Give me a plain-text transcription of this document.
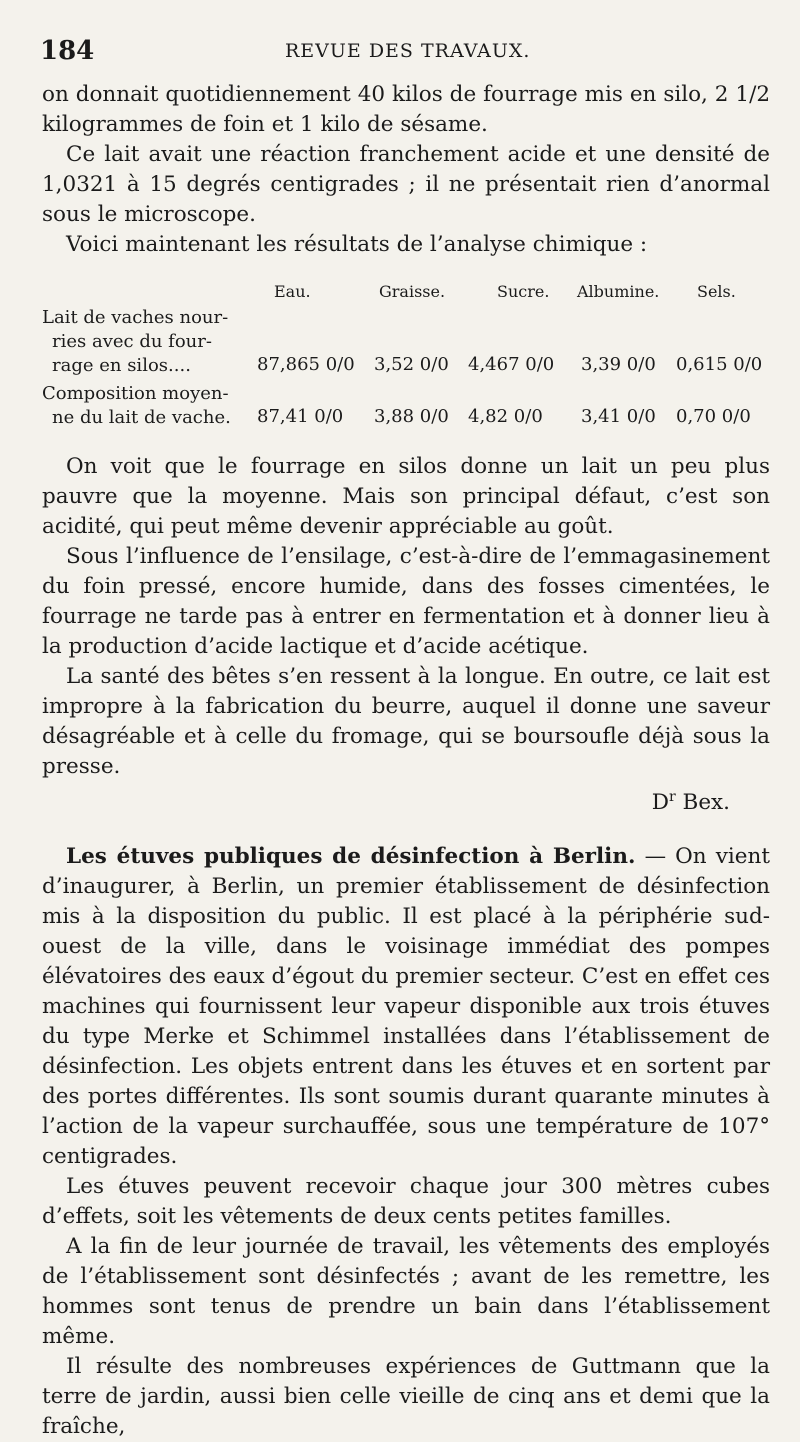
184	REVUE DES TRAVAUX.

on donnait quotidiennement 40 kilos de fourrage mis en silo, 2 1/2 kilogrammes de foin et 1 kilo de sésame.

Ce lait avait une réaction franchement acide et une densité de 1,0321 à 15 degrés centigrades ; il ne présentait rien d’anormal sous le microscope.

Voici maintenant les résultats de l’analyse chimique :

Eau.	Graisse.	Sucre. Albumine. Sels.
Lait de vaches nour-
ries avec du four-
rage en silos....	87,865 0/0 3,52 0/0 4,467 0/0 3,39 0/0 0,615 0/0
Composition moyen-
ne du lait de vache. 87,41 0/0 3,88 0/0 4,82 0/0 3,41 0/0 0,70 0/0

On voit que le fourrage en silos donne un lait un peu plus pauvre que la moyenne. Mais son principal défaut, c’est son acidité, qui peut même devenir appréciable au goût.

Sous l’influence de l’ensilage, c’est-à-dire de l’emmagasinement du foin pressé, encore humide, dans des fosses cimentées, le fourrage ne tarde pas à entrer en fermentation et à donner lieu à la production d’acide lactique et d’acide acétique.

La santé des bêtes s’en ressent à la longue. En outre, ce lait est impropre à la fabrication du beurre, auquel il donne une saveur désagréable et à celle du fromage, qui se boursoufle déjà sous la presse.

$D^r$ Bex.

Les étuves publiques de désinfection à Berlin. — On vient d’inaugurer, à Berlin, un premier établissement de désinfection mis à la disposition du public. Il est placé à la périphérie sud-ouest de la ville, dans le voisinage immédiat des pompes élévatoires des eaux d’égout du premier secteur. C’est en effet ces machines qui fournissent leur vapeur disponible aux trois étuves du type Merke et Schimmel installées dans l’établissement de désinfection. Les objets entrent dans les étuves et en sortent par des portes différentes. Ils sont soumis durant quarante minutes à l’action de la vapeur surchauffée, sous une température de 107° centigrades.

Les étuves peuvent recevoir chaque jour 300 mètres cubes d’effets, soit les vêtements de deux cents petites familles.

A la fin de leur journée de travail, les vêtements des employés de l’établissement sont désinfectés ; avant de les remettre, les hommes sont tenus de prendre un bain dans l’établissement même.

Il résulte des nombreuses expériences de Guttmann que la terre de jardin, aussi bien celle vieille de cinq ans et demi que la fraîche,
